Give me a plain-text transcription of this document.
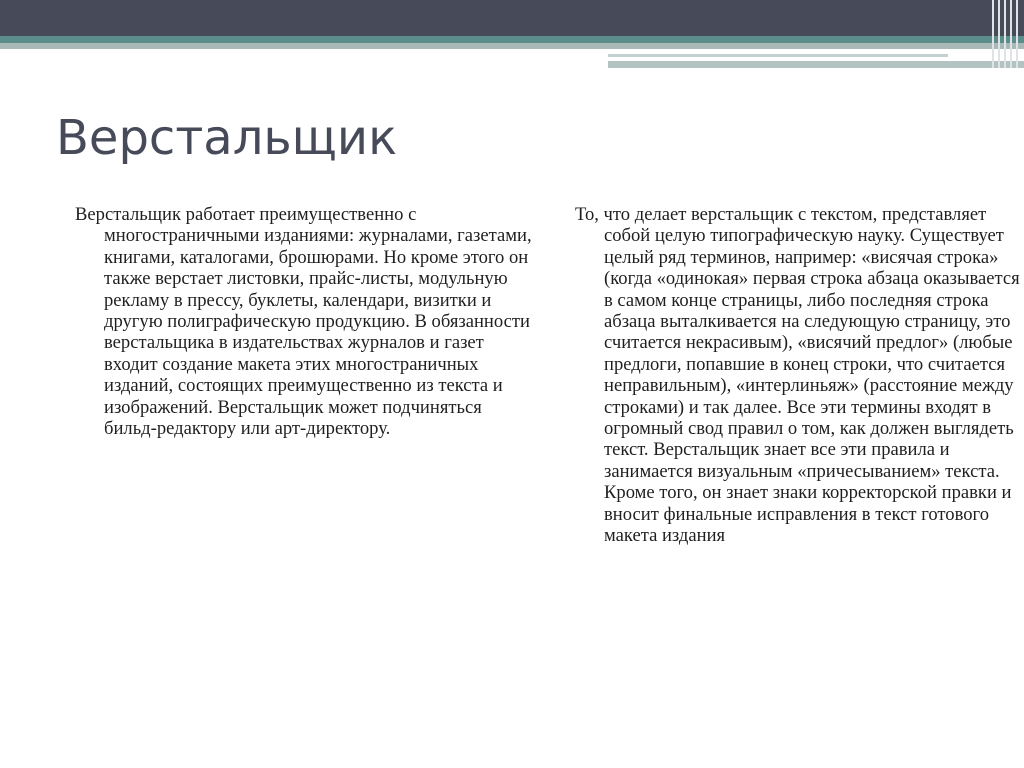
Верстальщик

Верстальщик работает преимущественно с многостраничными изданиями: журналами, газетами, книгами, каталогами, брошюрами. Но кроме этого он также верстает листовки, прайс-листы, модульную рекламу в прессу, буклеты, календари, визитки и другую полиграфическую продукцию. В обязанности верстальщика в издательствах журналов и газет входит создание макета этих многостраничных изданий, состоящих преимущественно из текста и изображений. Верстальщик может подчиняться бильд-редактору или арт-директору.

То, что делает верстальщик с текстом, представляет собой целую типографическую науку. Существует целый ряд терминов, например: «висячая строка» (когда «одинокая» первая строка абзаца оказывается в самом конце страницы, либо последняя строка абзаца выталкивается на следующую страницу, это считается некрасивым), «висячий предлог» (любые предлоги, попавшие в конец строки, что считается неправильным), «интерлиньяж» (расстояние между строками) и так далее. Все эти термины входят в огромный свод правил о том, как должен выглядеть текст. Верстальщик знает все эти правила и занимается визуальным «причесыванием» текста. Кроме того, он знает знаки корректорской правки и вносит финальные исправления в текст готового макета издания
